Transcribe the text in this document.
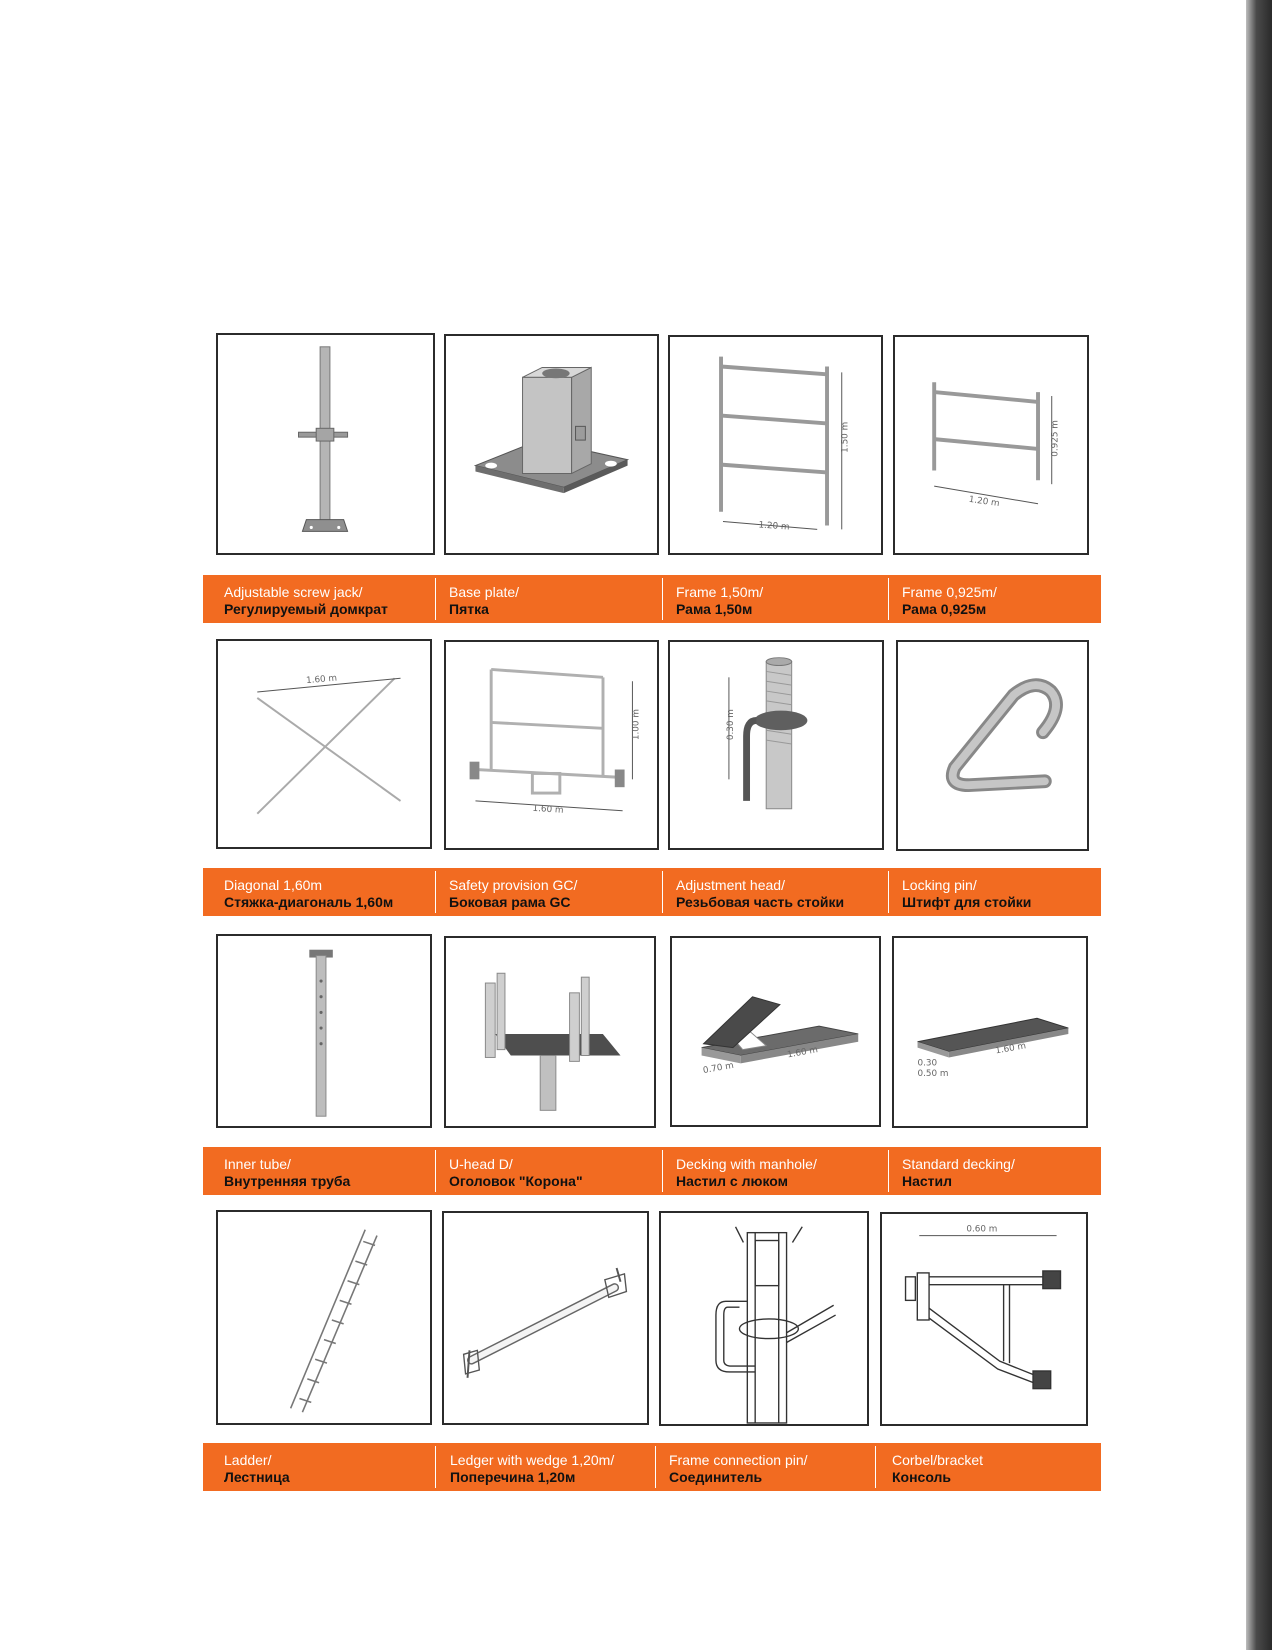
1.50 m
1.20 m
0.925 m
1.20 m
Adjustable screw jack/
Регулируемый домкрат
Base plate/
Пятка
Frame 1,50m/
Рама 1,50м
Frame 0,925m/
Рама 0,925м
1.60 m
1.00 m
1.60 m
0.30 m
Diagonal 1,60m
Стяжка-диагональ 1,60м
Safety provision GC/
Боковая рама GC
Adjustment head/
Резьбовая часть стойки
Locking pin/
Штифт для стойки
0.70 m
1.60 m
0.30
0.50 m
1.60 m
Inner tube/
Внутренняя труба
U-head D/
Оголовок "Корона"
Decking with manhole/
Настил с люком
Standard decking/
Настил
0.60 m
Ladder/
Лестница
Ledger with wedge 1,20m/
Поперечина 1,20м
Frame connection pin/
Соединитель
Corbel/bracket
Консоль
